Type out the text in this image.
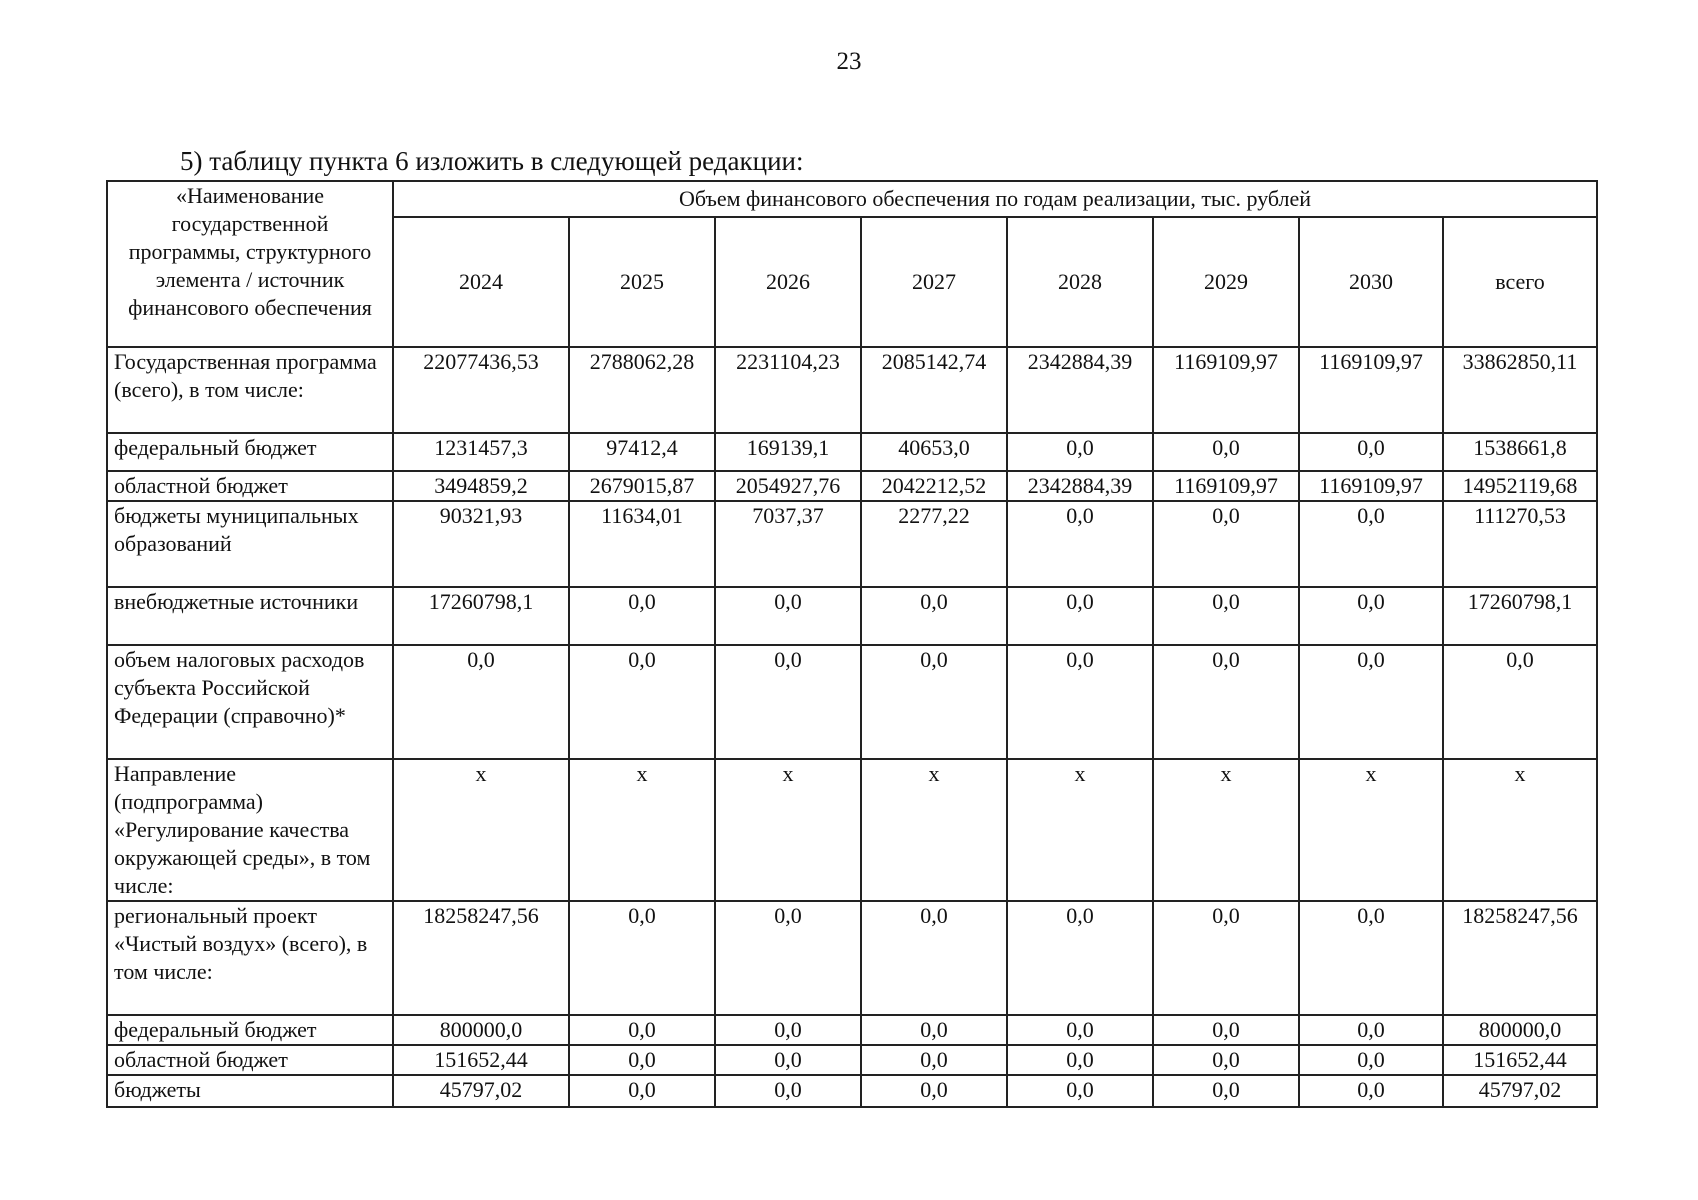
23
5) таблицу пункта 6 изложить в следующей редакции:
«Наименование государственной программы, структурного элемента / источник финансового обеспечения	Объем финансового обеспечения по годам реализации, тыс. рублей							
	2024	2025	2026	2027	2028	2029	2030	всего
Государственная программа (всего), в том числе:	22077436,53	2788062,28	2231104,23	2085142,74	2342884,39	1169109,97	1169109,97	33862850,11
федеральный бюджет	1231457,3	97412,4	169139,1	40653,0	0,0	0,0	0,0	1538661,8
областной бюджет	3494859,2	2679015,87	2054927,76	2042212,52	2342884,39	1169109,97	1169109,97	14952119,68
бюджеты муниципальных образований	90321,93	11634,01	7037,37	2277,22	0,0	0,0	0,0	111270,53
внебюджетные источники	17260798,1	0,0	0,0	0,0	0,0	0,0	0,0	17260798,1
объем налоговых расходов субъекта Российской Федерации (справочно)*	0,0	0,0	0,0	0,0	0,0	0,0	0,0	0,0
Направление (подпрограмма) «Регулирование качества окружающей среды», в том числе:	x	x	x	x	x	x	x	x
региональный проект «Чистый воздух» (всего), в том числе:	18258247,56	0,0	0,0	0,0	0,0	0,0	0,0	18258247,56
федеральный бюджет	800000,0	0,0	0,0	0,0	0,0	0,0	0,0	800000,0
областной бюджет	151652,44	0,0	0,0	0,0	0,0	0,0	0,0	151652,44
бюджеты	45797,02	0,0	0,0	0,0	0,0	0,0	0,0	45797,02
